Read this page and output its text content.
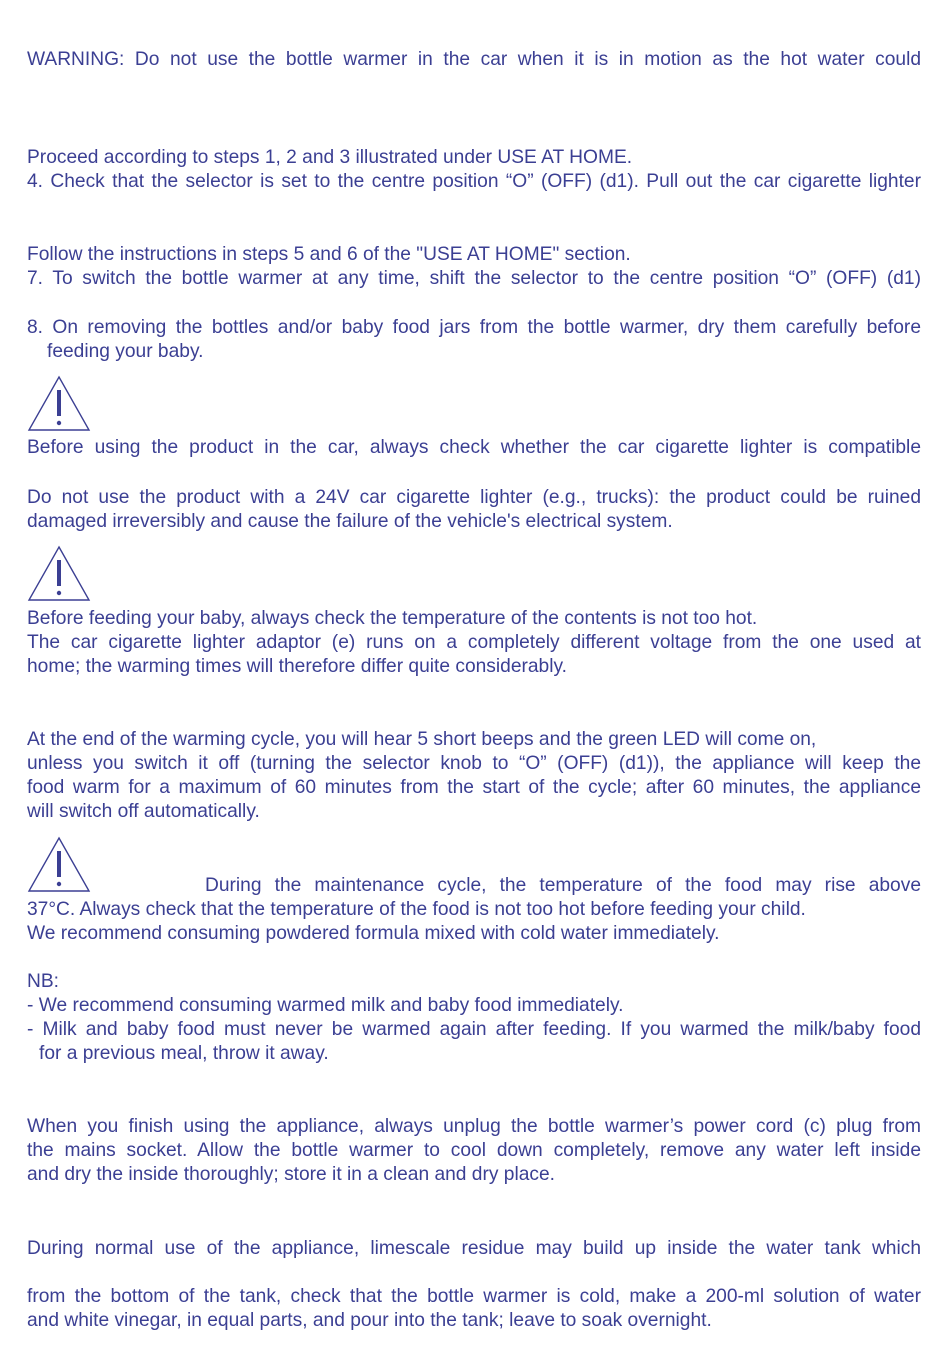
WARNING: Do not use the bottle warmer in the car when it is in motion as the hot water could
Proceed according to steps 1, 2 and 3 illustrated under USE AT HOME.
4. Check that the selector is set to the centre position “O” (OFF) (d1). Pull out the car cigarette lighter
Follow the instructions in steps 5 and 6 of the "USE AT HOME" section.
7. To switch the bottle warmer at any time, shift the selector to the centre position “O” (OFF) (d1)
8. On removing the bottles and/or baby food jars from the bottle warmer, dry them carefully before
feeding your baby.
Before using the product in the car, always check whether the car cigarette lighter is compatible
Do not use the product with a 24V car cigarette lighter (e.g., trucks): the product could be ruined
damaged irreversibly and cause the failure of the vehicle's electrical system.
Before feeding your baby, always check the temperature of the contents is not too hot.
The car cigarette lighter adaptor (e) runs on a completely different voltage from the one used at
home; the warming times will therefore differ quite considerably.
At the end of the warming cycle, you will hear 5 short beeps and the green LED will come on,
unless you switch it off (turning the selector knob to “O” (OFF) (d1)), the appliance will keep the
food warm for a maximum of 60 minutes from the start of the cycle; after 60 minutes, the appliance
will switch off automatically.
During the maintenance cycle, the temperature of the food may rise above
37°C. Always check that the temperature of the food is not too hot before feeding your child.
We recommend consuming powdered formula mixed with cold water immediately.
NB:
- We recommend consuming warmed milk and baby food immediately.
- Milk and baby food must never be warmed again after feeding. If you warmed the milk/baby food
for a previous meal, throw it away.
When you finish using the appliance, always unplug the bottle warmer’s power cord (c) plug from
the mains socket. Allow the bottle warmer to cool down completely, remove any water left inside
and dry the inside thoroughly; store it in a clean and dry place.
During normal use of the appliance, limescale residue may build up inside the water tank which
from the bottom of the tank, check that the bottle warmer is cold, make a 200-ml solution of water
and white vinegar, in equal parts, and pour into the tank; leave to soak overnight.
